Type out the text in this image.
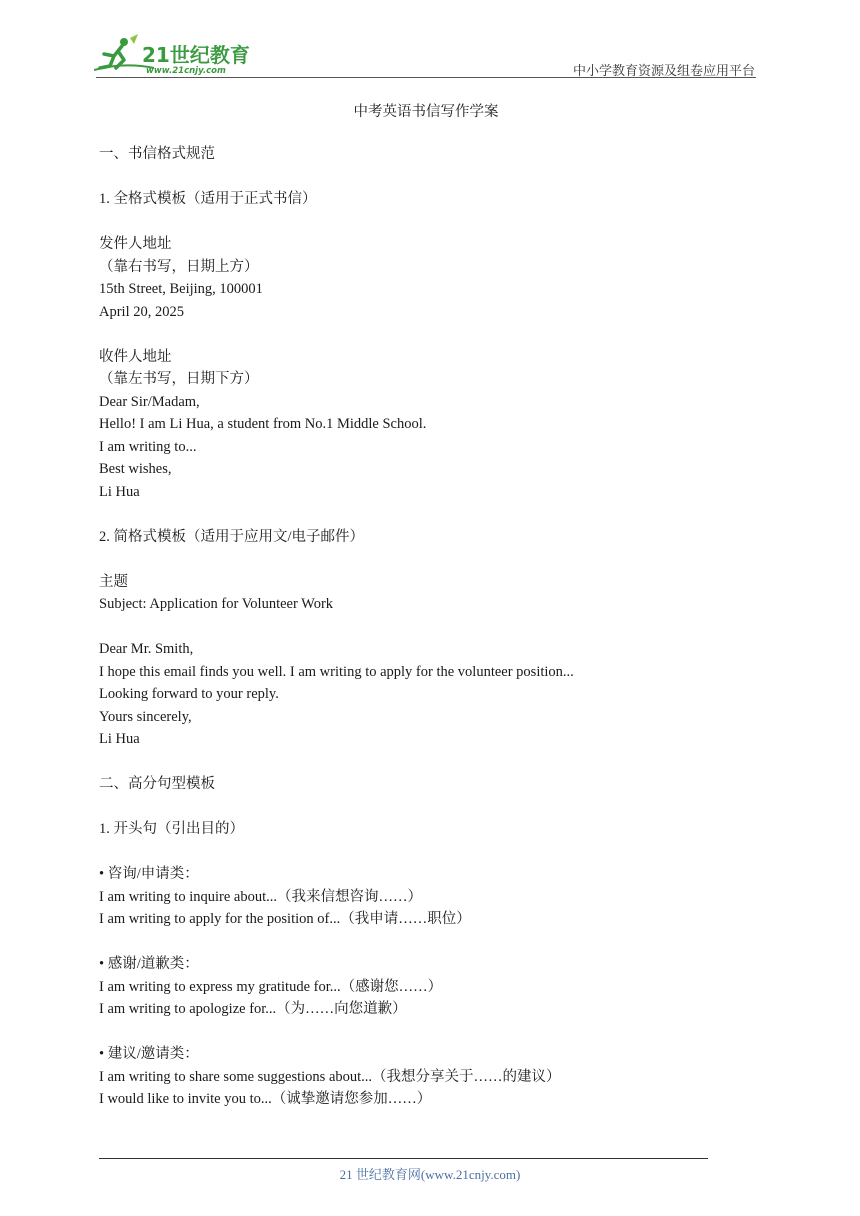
21世纪教育
www.21cnjy.com	中小学教育资源及组卷应用平台
中考英语书信写作学案
一、书信格式规范
1. 全格式模板（适用于正式书信）
发件人地址
（靠右书写，日期上方）
15th Street, Beijing, 100001
April 20, 2025
收件人地址
（靠左书写，日期下方）
Dear Sir/Madam,
Hello! I am Li Hua, a student from No.1 Middle School.
I am writing to...
Best wishes,
Li Hua
2. 简格式模板（适用于应用文/电子邮件）
主题
Subject: Application for Volunteer Work
Dear Mr. Smith,
I hope this email finds you well. I am writing to apply for the volunteer position...
Looking forward to your reply.
Yours sincerely,
Li Hua
二、高分句型模板
1. 开头句（引出目的）
• 咨询/申请类：
I am writing to inquire about...（我来信想咨询……）
I am writing to apply for the position of...（我申请……职位）
• 感谢/道歉类：
I am writing to express my gratitude for...（感谢您……）
I am writing to apologize for...（为……向您道歉）
• 建议/邀请类：
I am writing to share some suggestions about...（我想分享关于……的建议）
I would like to invite you to...（诚挚邀请您参加……）
21 世纪教育网(www.21cnjy.com)
